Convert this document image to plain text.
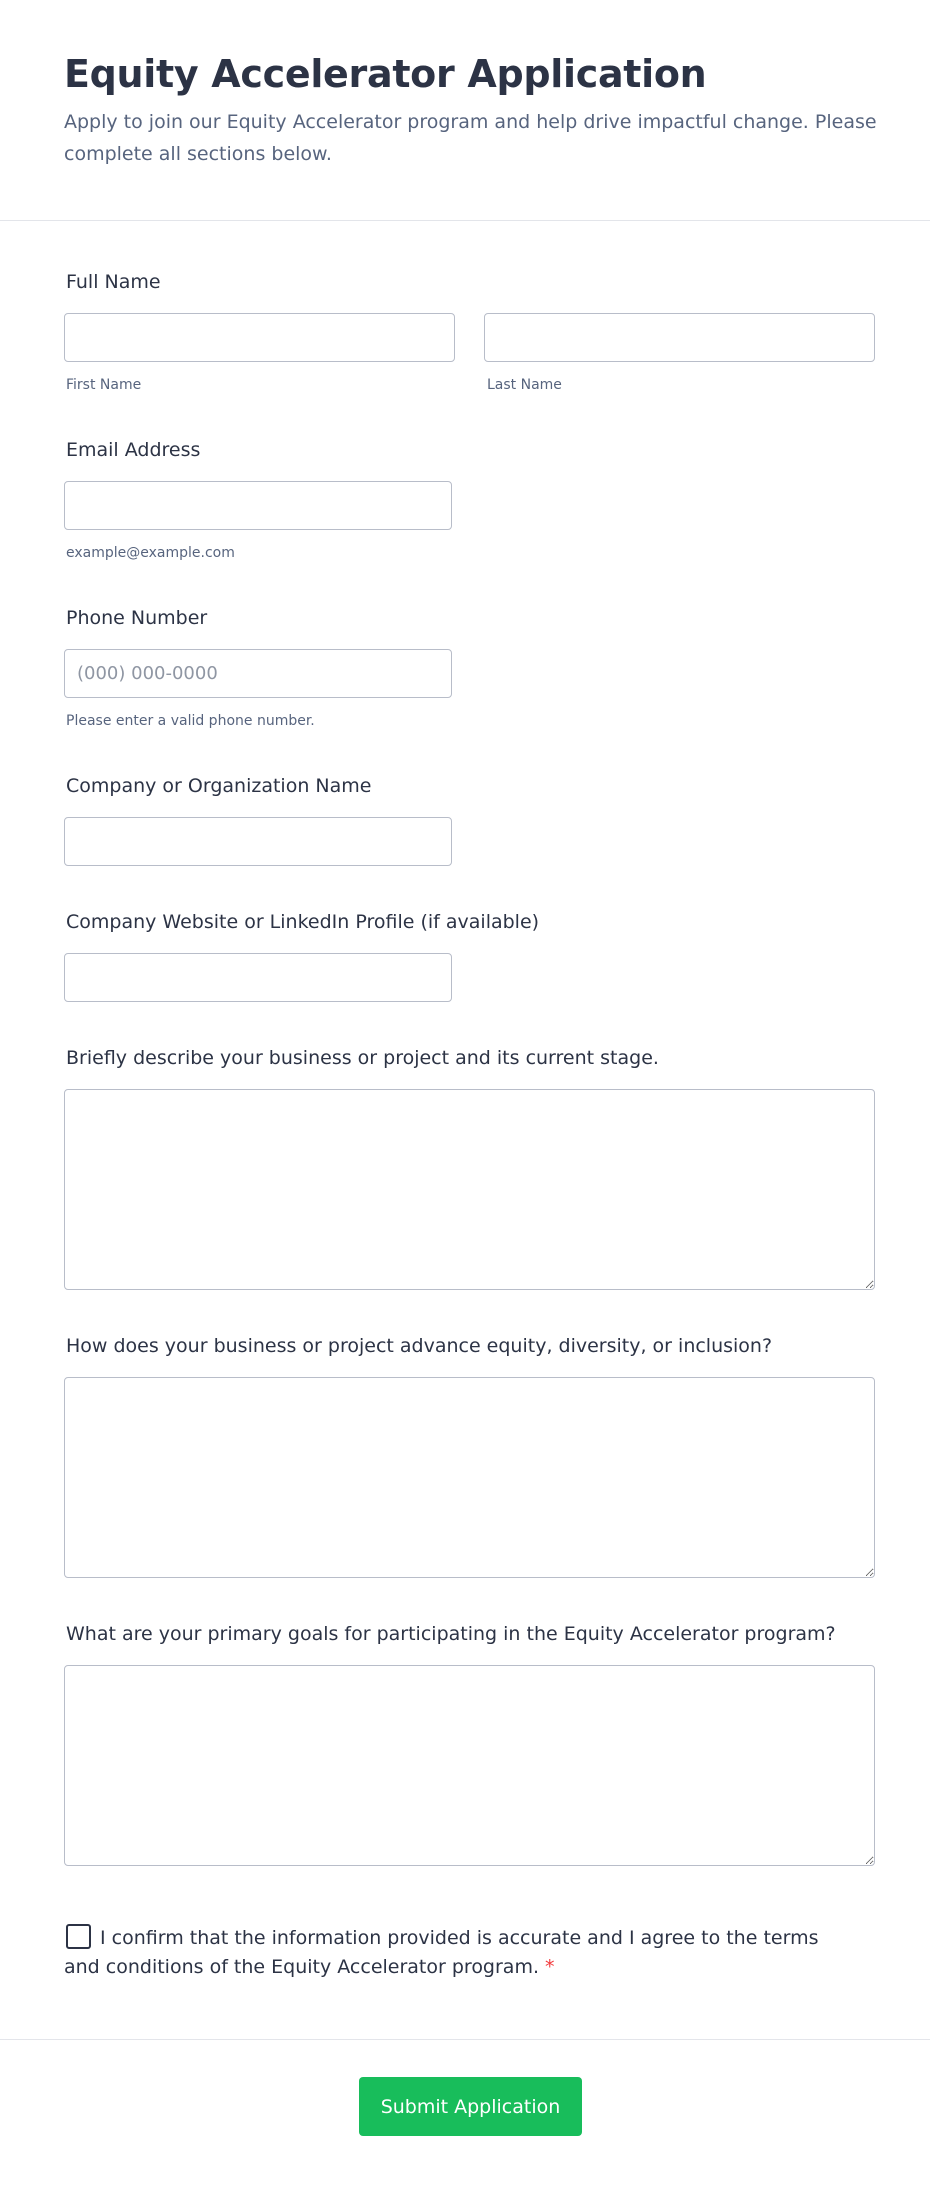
Equity Accelerator Application

Apply to join our Equity Accelerator program and help drive impactful change. Please complete all sections below.

Full Name
First Name	Last Name
Email Address
example@example.com
Phone Number
(000) 000-0000
Please enter a valid phone number.
Company or Organization Name
Company Website or LinkedIn Profile (if available)
Briefly describe your business or project and its current stage.
How does your business or project advance equity, diversity, or inclusion?
What are your primary goals for participating in the Equity Accelerator program?
I confirm that the information provided is accurate and I agree to the terms and conditions of the Equity Accelerator program. *
Submit Application
